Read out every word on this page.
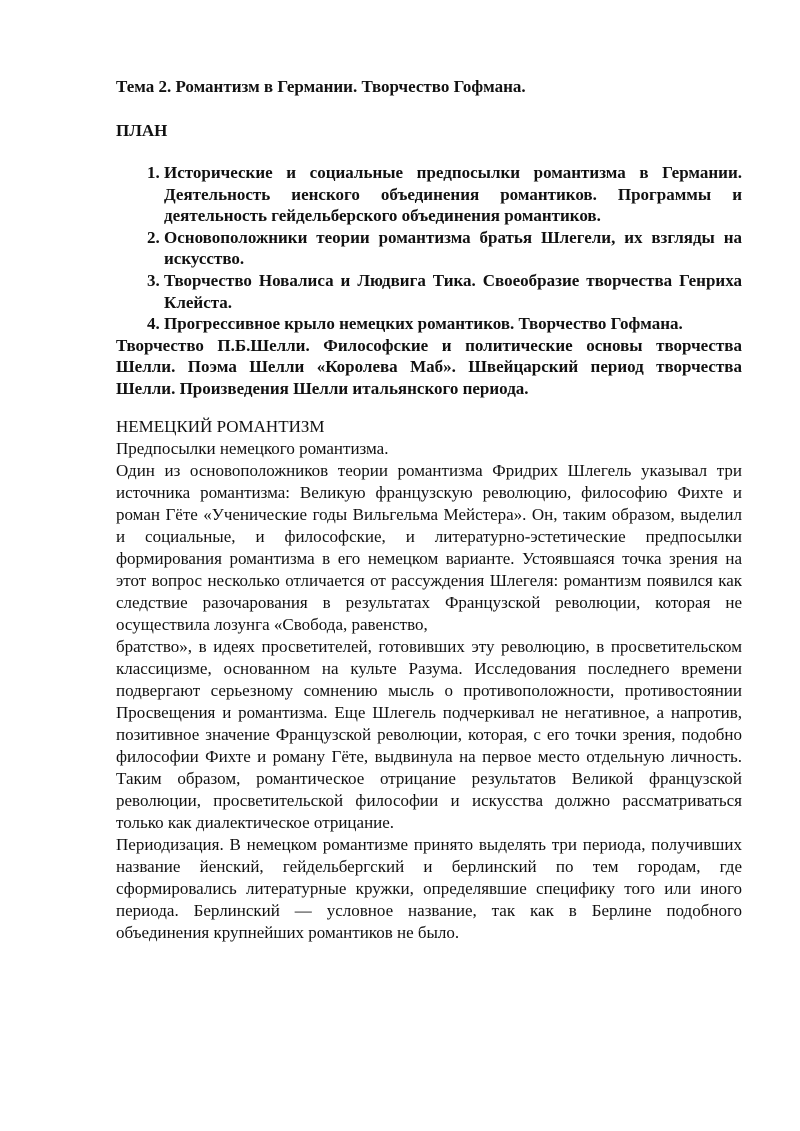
Тема 2. Романтизм в Германии. Творчество Гофмана.

ПЛАН

1. Исторические и социальные предпосылки романтизма в Германии. Деятельность иенского объединения романтиков. Программы и деятельность гейдельберского объединения романтиков.
2. Основоположники теории романтизма братья Шлегели, их взгляды на искусство.
3. Творчество Новалиса и Людвига Тика. Своеобразие творчества Генриха Клейста.
4. Прогрессивное крыло немецких романтиков. Творчество Гофмана.

Творчество П.Б.Шелли. Философские и политические основы творчества Шелли. Поэма Шелли «Королева Маб». Швейцарский период творчества Шелли. Произведения Шелли итальянского периода.

НЕМЕЦКИЙ РОМАНТИЗМ

Предпосылки немецкого романтизма.

Один из основоположников теории романтизма Фридрих Шлегель указывал три источника романтизма: Великую французскую революцию, философию Фихте и роман Гёте «Ученические годы Вильгельма Мейстера». Он, таким образом, выделил и социальные, и философские, и литературно-эстетические предпосылки формирования романтизма в его немецком варианте. Устоявшаяся точка зрения на этот вопрос несколько отличается от рассуждения Шлегеля: романтизм появился как следствие разочарования в результатах Французской революции, которая не осуществила лозунга «Свобода, равенство,

братство», в идеях просветителей, готовивших эту революцию, в просветительском классицизме, основанном на культе Разума. Исследования последнего времени подвергают серьезному сомнению мысль о противоположности, противостоянии Просвещения и романтизма. Еще Шлегель подчеркивал не негативное, а напротив, позитивное значение Французской революции, которая, с его точки зрения, подобно философии Фихте и роману Гёте, выдвинула на первое место отдельную личность. Таким образом, романтическое отрицание результатов Великой французской революции, просветительской философии и искусства должно рассматриваться только как диалектическое отрицание.

Периодизация. В немецком романтизме принято выделять три периода, получивших название йенский, гейдельбергский и берлинский по тем городам, где сформировались литературные кружки, определявшие специфику того или иного периода. Берлинский — условное название, так как в Берлине подобного объединения крупнейших романтиков не было.
